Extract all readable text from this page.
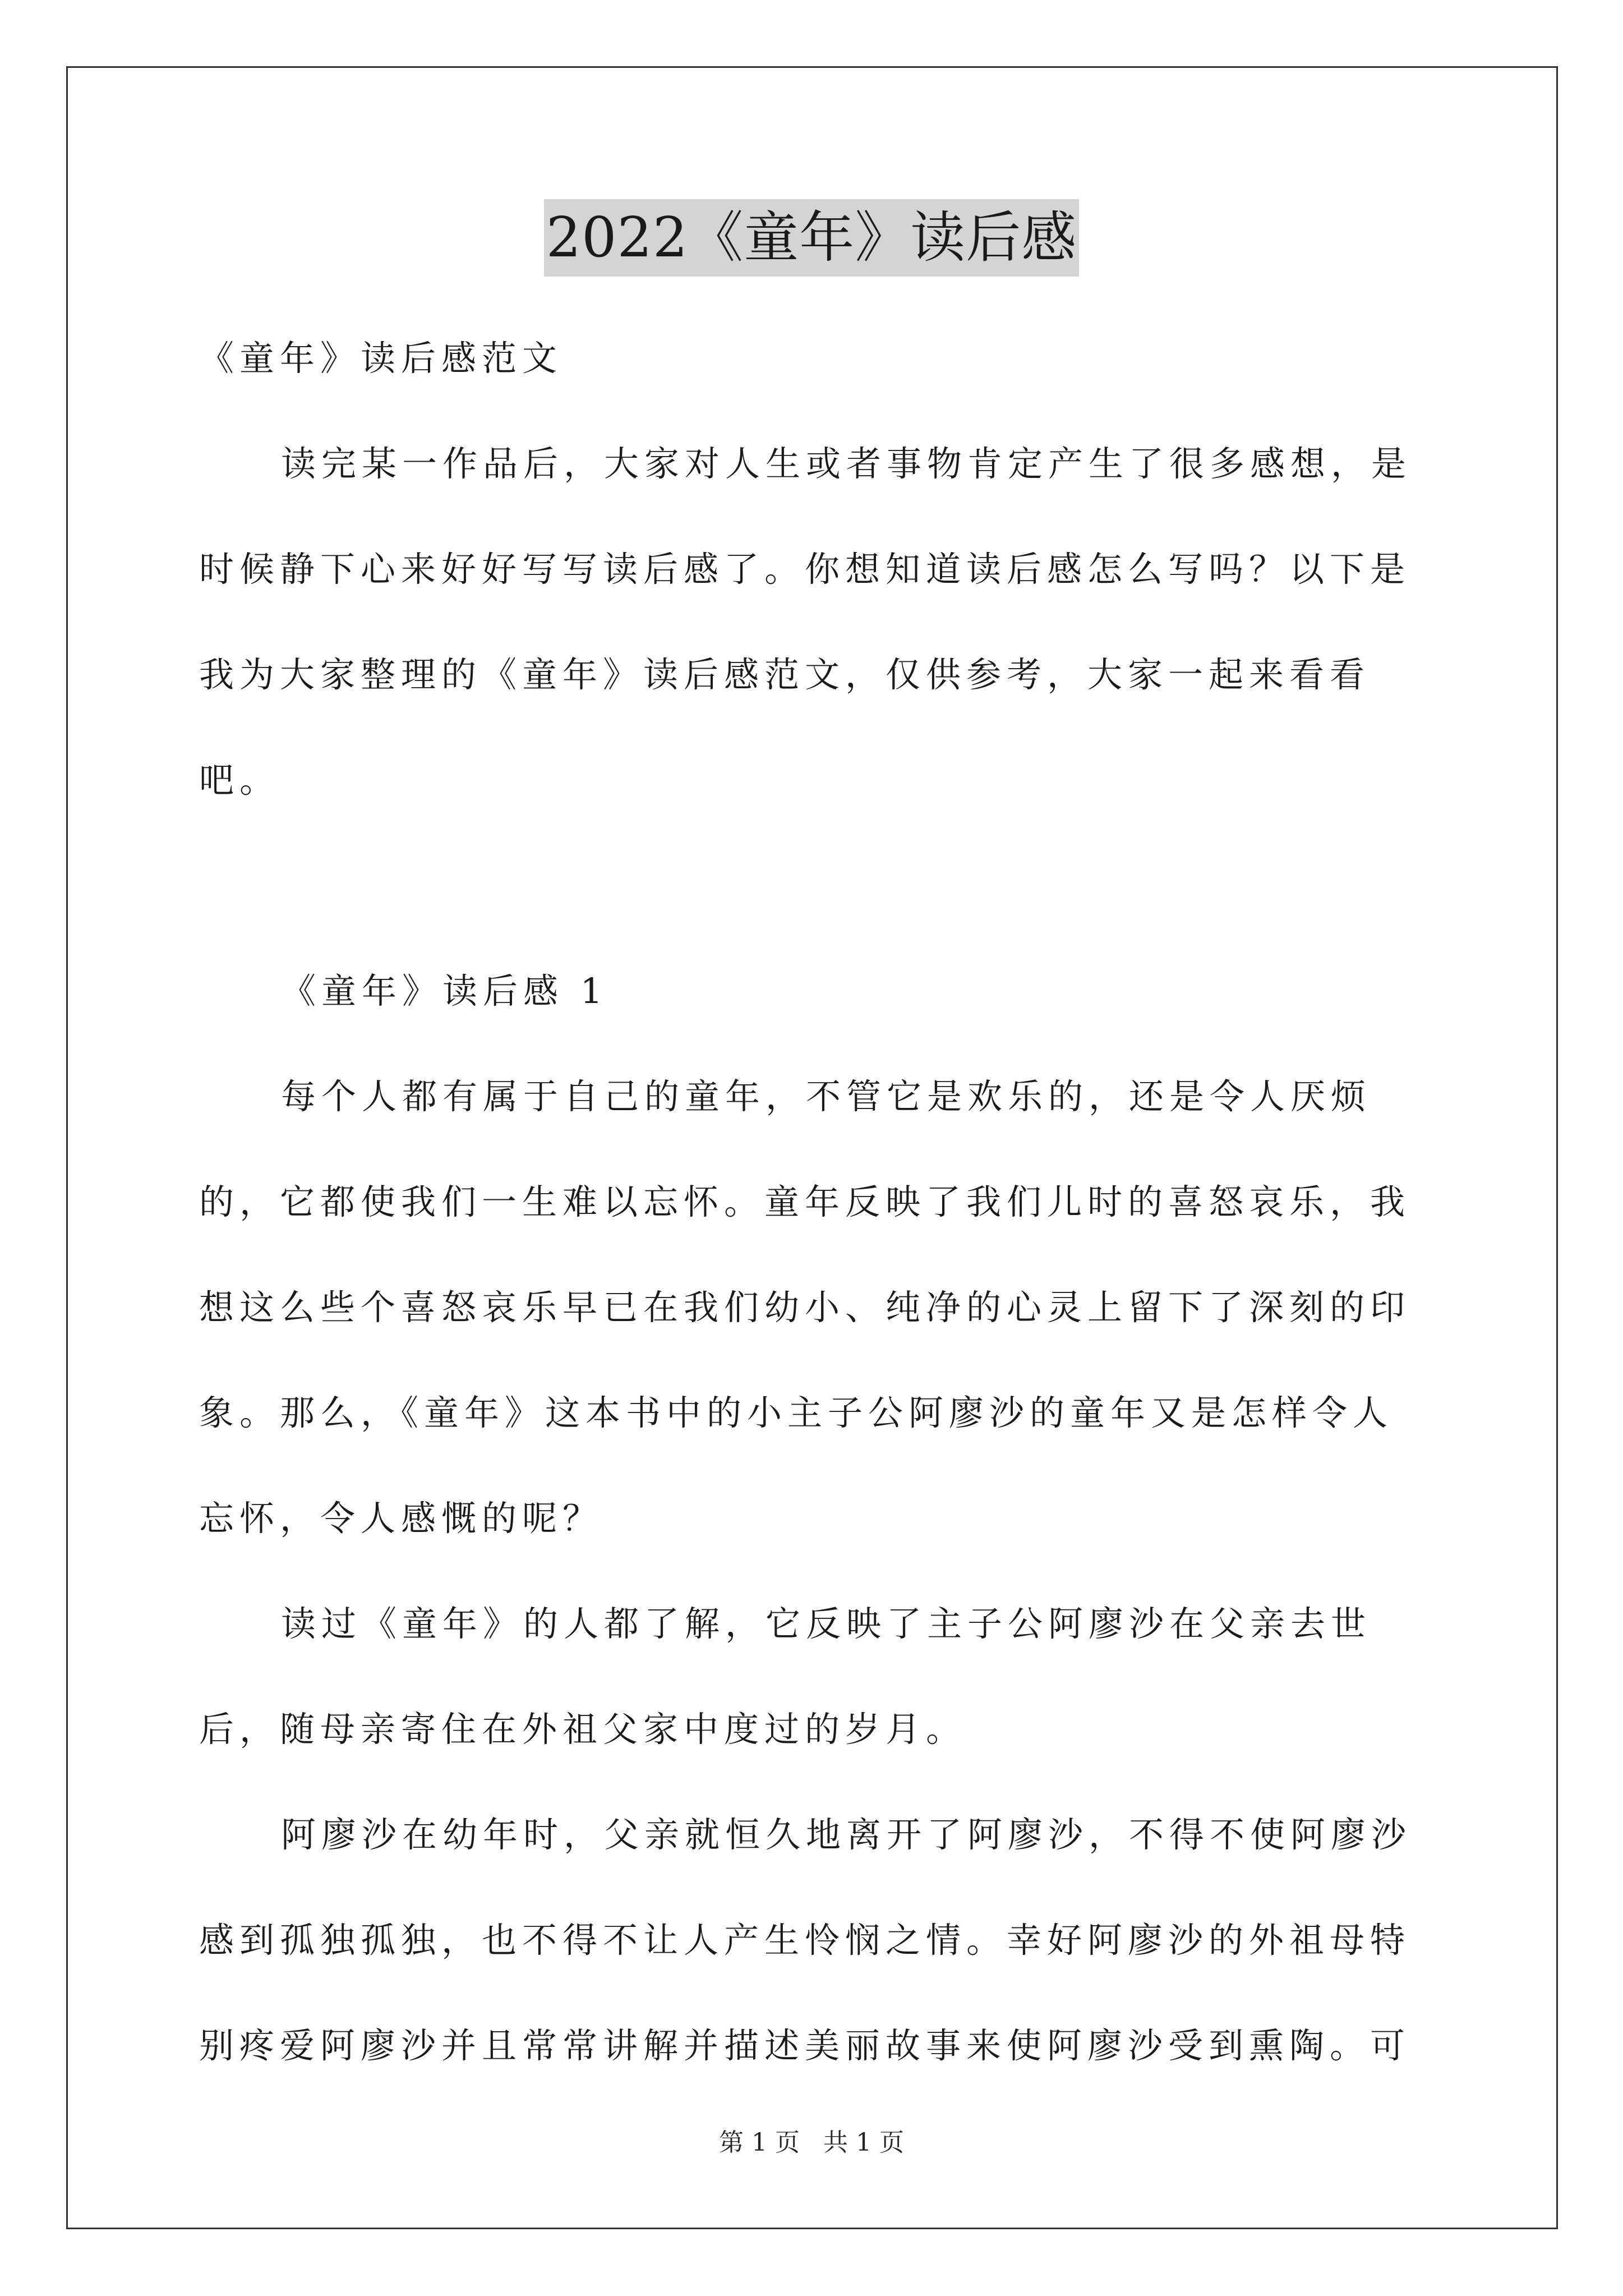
2022《童年》读后感

《童年》读后感范文

读完某一作品后，大家对人生或者事物肯定产生了很多感想，是时候静下心来好好写写读后感了。你想知道读后感怎么写吗？以下是我为大家整理的《童年》读后感范文，仅供参考，大家一起来看看吧。

《童年》读后感 1

每个人都有属于自己的童年，不管它是欢乐的，还是令人厌烦的，它都使我们一生难以忘怀。童年反映了我们儿时的喜怒哀乐，我想这么些个喜怒哀乐早已在我们幼小、纯净的心灵上留下了深刻的印象。那么，《童年》这本书中的小主子公阿廖沙的童年又是怎样令人忘怀，令人感慨的呢？

读过《童年》的人都了解，它反映了主子公阿廖沙在父亲去世后，随母亲寄住在外祖父家中度过的岁月。

阿廖沙在幼年时，父亲就恒久地离开了阿廖沙，不得不使阿廖沙感到孤独孤独，也不得不让人产生怜悯之情。幸好阿廖沙的外祖母特别疼爱阿廖沙并且常常讲解并描述美丽故事来使阿廖沙受到熏陶。可

第 1 页 共 1 页
